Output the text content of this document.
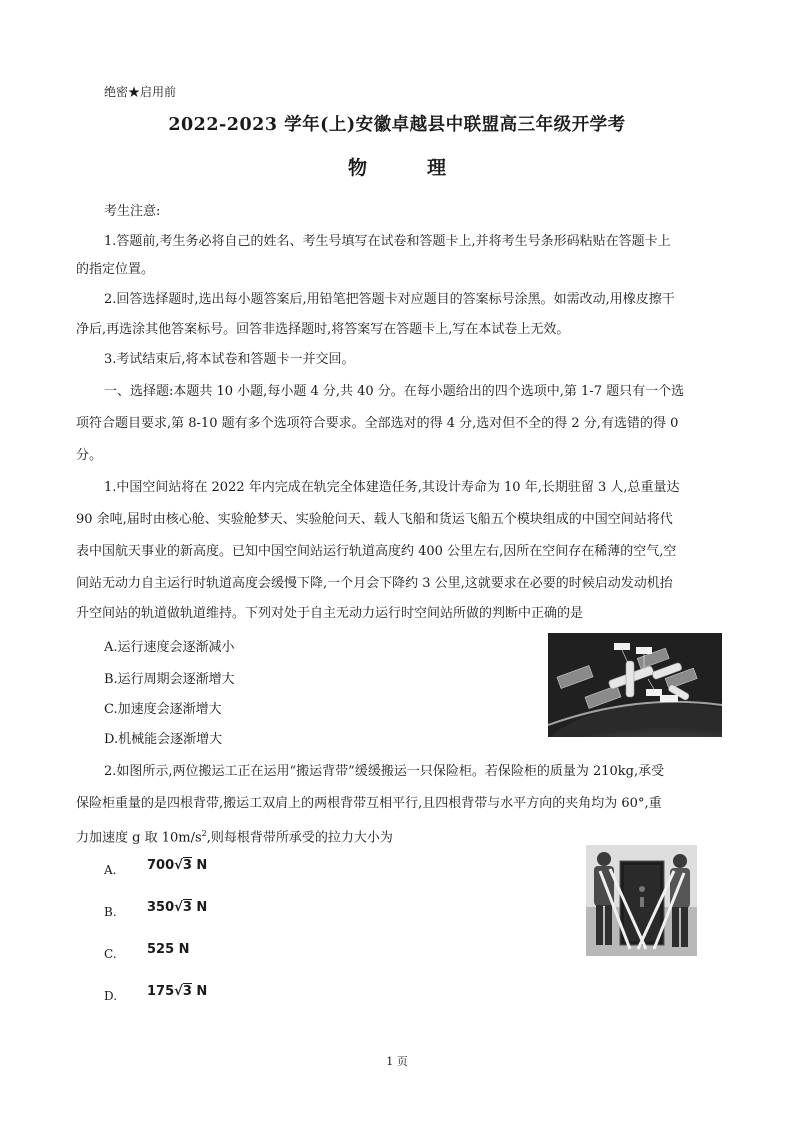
绝密★启用前
2022-2023 学年(上)安徽卓越县中联盟高三年级开学考
物	理
考生注意:
1.答题前,考生务必将自己的姓名、考生号填写在试卷和答题卡上,并将考生号条形码粘贴在答题卡上
的指定位置。
2.回答选择题时,选出每小题答案后,用铅笔把答题卡对应题目的答案标号涂黑。如需改动,用橡皮擦干
净后,再选涂其他答案标号。回答非选择题时,将答案写在答题卡上,写在本试卷上无效。
3.考试结束后,将本试卷和答题卡一并交回。
一、选择题:本题共 10 小题,每小题 4 分,共 40 分。在每小题给出的四个选项中,第 1-7 题只有一个选
项符合题目要求,第 8-10 题有多个选项符合要求。全部选对的得 4 分,选对但不全的得 2 分,有选错的得 0
分。
1.中国空间站将在 2022 年内完成在轨完全体建造任务,其设计寿命为 10 年,长期驻留 3 人,总重量达
90 余吨,届时由核心舱、实验舱梦天、实验舱问天、载人飞船和货运飞船五个模块组成的中国空间站将代
表中国航天事业的新高度。已知中国空间站运行轨道高度约 400 公里左右,因所在空间存在稀薄的空气,空
间站无动力自主运行时轨道高度会缓慢下降,一个月会下降约 3 公里,这就要求在必要的时候启动发动机抬
升空间站的轨道做轨道维持。下列对处于自主无动力运行时空间站所做的判断中正确的是
A.运行速度会逐渐减小
B.运行周期会逐渐增大
C.加速度会逐渐增大
D.机械能会逐渐增大
2.如图所示,两位搬运工正在运用“搬运背带”缓缓搬运一只保险柜。若保险柜的质量为 210kg,承受
保险柜重量的是四根背带,搬运工双肩上的两根背带互相平行,且四根背带与水平方向的夹角均为 60°,重
力加速度 g 取 $10m/s^2$,则每根背带所承受的拉力大小为
A. 700√3 N
B. 350√3 N
C. 525 N
D. 175√3 N
1 页
